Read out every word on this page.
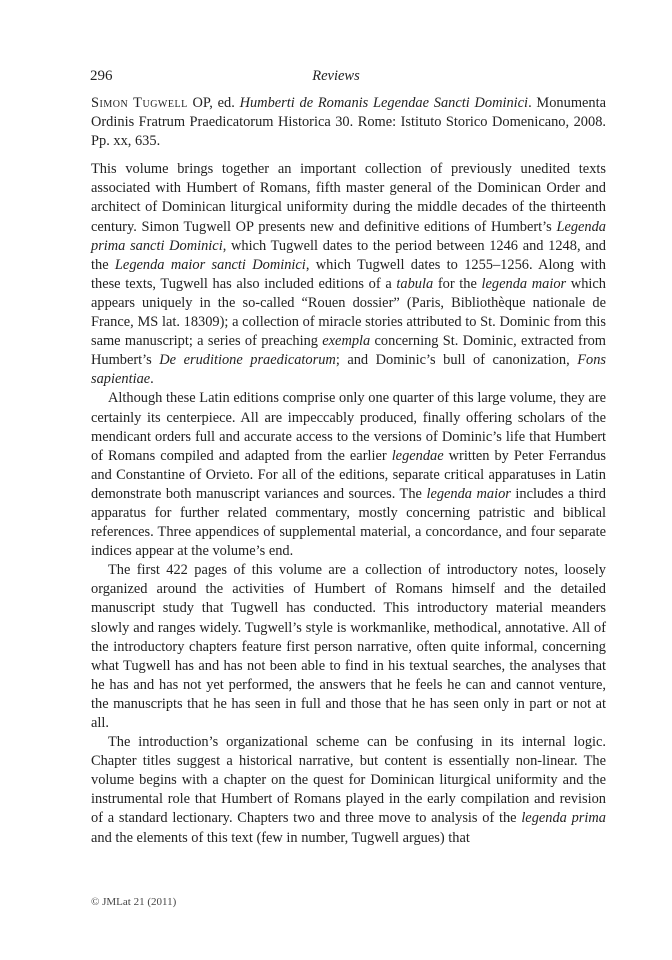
296	Reviews

Simon Tugwell OP, ed. Humberti de Romanis Legendae Sancti Dominici. Monumenta Ordinis Fratrum Praedicatorum Historica 30. Rome: Istituto Storico Domenicano, 2008. Pp. xx, 635.

This volume brings together an important collection of previously unedited texts associated with Humbert of Romans, fifth master general of the Dominican Order and architect of Dominican liturgical uniformity during the middle decades of the thirteenth century. Simon Tugwell OP presents new and definitive editions of Humbert’s Legenda prima sancti Dominici, which Tugwell dates to the period between 1246 and 1248, and the Legenda maior sancti Dominici, which Tugwell dates to 1255–1256. Along with these texts, Tugwell has also included editions of a tabula for the legenda maior which appears uniquely in the so-called “Rouen dossier” (Paris, Bibliothèque nationale de France, MS lat. 18309); a collection of miracle stories attributed to St. Dominic from this same manuscript; a series of preaching exempla concerning St. Dominic, extracted from Humbert’s De eruditione praedicatorum; and Dominic’s bull of canonization, Fons sapientiae.

Although these Latin editions comprise only one quarter of this large volume, they are certainly its centerpiece. All are impeccably produced, finally offering scholars of the mendicant orders full and accurate access to the versions of Dominic’s life that Humbert of Romans compiled and adapted from the earlier legendae written by Peter Ferrandus and Constantine of Orvieto. For all of the editions, separate critical apparatuses in Latin demonstrate both manuscript variances and sources. The legenda maior includes a third apparatus for further related commentary, mostly concerning patristic and biblical references. Three appendices of supplemental material, a concordance, and four separate indices appear at the volume’s end.

The first 422 pages of this volume are a collection of introductory notes, loosely organized around the activities of Humbert of Romans himself and the detailed manuscript study that Tugwell has conducted. This introductory material meanders slowly and ranges widely. Tugwell’s style is workmanlike, methodical, annotative. All of the introductory chapters feature first person narrative, often quite informal, concerning what Tugwell has and has not been able to find in his textual searches, the analyses that he has and has not yet performed, the answers that he feels he can and cannot venture, the manuscripts that he has seen in full and those that he has seen only in part or not at all.

The introduction’s organizational scheme can be confusing in its internal logic. Chapter titles suggest a historical narrative, but content is essentially non-linear. The volume begins with a chapter on the quest for Dominican liturgical uniformity and the instrumental role that Humbert of Romans played in the early compilation and revision of a standard lectionary. Chapters two and three move to analysis of the legenda prima and the elements of this text (few in number, Tugwell argues) that

© JMLat 21 (2011)
